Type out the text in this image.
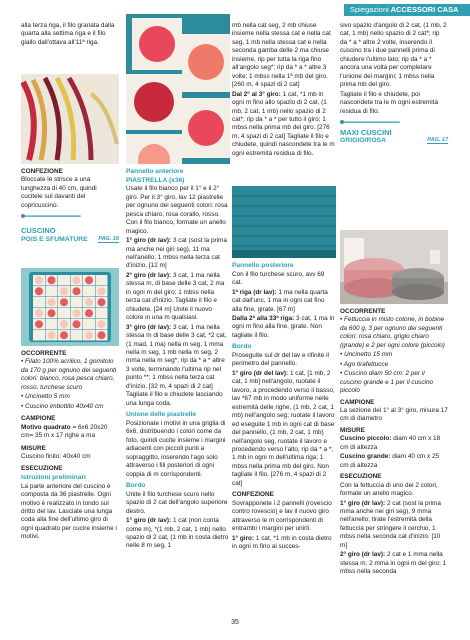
Spiegazioni ACCESSORI CASA

alla terza riga, il filo granata dalla quarta alla settima riga e il filo giallo dall'ottava all'11ª riga.

CONFEZIONE

Bloccate le strisce a una lunghezza di 40 cm, quindi cucitele sul davanti del copricuscino.

CUSCINO
POIS E SFUMATURE PAG. 16
OCCORRENTE

• Filato 100% acrilico, 1 gomitolo da 170 g per ognuno dei seguenti colori: bianco, rosa pesca chiaro, rosso, turchese scuro

• Uncinetto 5 mm

• Cuscino imbottito 40x40 cm

CAMPIONE

Motivo quadrato = 6x6 20x20 cm= 35 m x 17 righe a ma

MISURE

Cuscino finito: 40x40 cm

ESECUZIONE
Istruzioni preliminari

La parte anteriore del cuscino è composta da 36 piastrelle. Ogni motivo è realizzato in tondo sul dritto del lav. Lasciate una lunga coda alla fine dell'ultimo giro di ogni quadrato per cucire insieme i motivi.

Pannello anteriore
PIASTRELLA (x36)

Usate il filo bianco per il 1° e il 2° giro. Per il 3° giro, lav 12 piastrelle per ognuno dei seguenti colori: rosa pesca chiaro, rosa corallo, rosso. Con il filo bianco, formate un anello magico.

1° giro (dr lav): 3 cat (sost la prima ma anche nei giri seg), 11 ma nell'anello; 1 mbss nella terza cat d'inizio. [12 m]

2° giro (dr lav): 3 cat, 1 ma nella stessa m, di base delle 3 cat, 2 ma in ogni m del giro; 1 mbss nella terza cat d'inizio. Tagliate il filo e chiudete. [24 m] Unite il nuovo colore in una m qualsiasi.

3° giro (dr lav): 3 cat, 1 ma nella stessa m di base delle 3 cat, *2 cat, (1 mad, 1 ma) nella m seg, 1 mma nella m seg, 1 mb nella m seg, 2 mma nella m seg*; rip da * a * altre 3 volte, terminando l'ultima rip nel punto **; 1 mbss nella terza cat d'inizio. [32 m, 4 spazi di 2 cat] Tagliate il filo e chiudete lasciando una lunga coda.

Unione delle piastrelle

Posizionate i motivi in una griglia di 6x6, distribuendo i colori come da foto, quindi cucite insieme i margini adiacenti con piccoli punti a sopraggitto, inserendo l'ago solo attraverso i fili posteriori di ogni coppia di m corrispondenti.

Bordo

Unite il filo turchese scuro nello spazio di 2 cat dell'angolo superiore destro.

1° giro (dr lav): 1 cat (non conta come m), *(1 mb, 2 cat, 1 mb) nello spazio di 2 cat, (1 mb in costa dietro nelle 8 m seg, 1

mb nella cat seg, 2 mb chiuse insieme nella stessa cat e nella cat seg, 1 mb nella stessa cat e nella seconda gamba delle 2 ma chiuse insieme, rip per tutta la riga fino all'angolo seg*; rip da * a * altre 3 volte; 1 mbss nella 1ª mb del giro. [260 m, 4 spazi di 2 cat]

Dal 2° al 3° giro: 1 cat, *1 mb in ogni m fino allo spazio di 2 cat, (1 mb, 2 cat, 1 mb) nello spazio di 2 cat*; rip da * a * per tutto il giro; 1 mbss nella prima mb del giro. [276 m, 4 spazi di 2 cat] Tagliate il filo e chiudete, quindi nascondete tra le m ogni estremità residua di filo.

Pannello posteriore

Con il filo turchese scuro, avv 69 cat.

1ª riga (dr lav): 1 ma nella quarta cat dall'unc, 1 ma in ogni cat fino alla fine, girate. [67 m]

Dalla 2ª alla 33ª riga: 3 cat, 1 ma in ogni m fino alla fine, girate. Non tagliate il filo.

Bordo

Proseguite sul dr del lav e rifinite il perimetro del pannello.

1° giro (dr del lav): 1 cat, [1 mb, 2 cat, 1 mb] nell'angolo, ruotate il lavoro, a procedendo verso il basso, lav *67 mb in modo uniforme nelle estremità delle righe, (1 mb, 2 cat, 1 mb) nell'angolo seg; ruotate il lavoro ed eseguite 1 mb in ogni cat di base del pannello, (1 mb, 2 cat, 1 mb) nell'angolo seg, ruotate il lavoro e procedendo verso l'alto, rip da * a *; 1 mb in ogni m dell'ultima riga; 1 mbss nella prima mb del giro. Non tagliate il filo. [276 m, 4 spazi di 2 cat]

CONFEZIONE

Sovrapponete i 2 pannelli (rovescio contro rovescio) e lav il nuovo giro attraverso le m corrispondenti di entrambi i margini per unirli.

1° giro: 1 cat, *1 mb in costa dietro in ogni m fino al succes-

sivo spazio d'angolo di 2 cat, (1 mb, 2 cat, 1 mb) nello spazio di 2 cat*; rip da * a * altre 2 volte, inserendo il cuscino tra i due pannelli prima di chiudere l'ultimo lato; rip da * a * ancora una volta per completare l'unione dei margini; 1 mbss nella prima mb del giro.

Tagliate il filo e chiudete, poi nascondete tra le m ogni estremità residua di filo.

MAXI CUSCINI
GRIGIO/ROSA	PAG. 17
OCCORRENTE

• Fettuccia in misto cotone, in bobine da 600 g, 3 per ognuno dei seguenti colori: rosa chiaro, grigio chiaro (grande) e 2 per ogni colore (piccolo)

• Uncinetto 15 mm

• Ago tirafettucce

• Cuscino diam 50 cm: 2 per il cuscino grande e 1 per il cuscino piccolo

CAMPIONE

La sezione del 1° al 3° giro, misura 17 cm di diametro

MISURE

Cuscino piccolo: diam 40 cm x 18 cm di altezza

Cuscino grande: diam 40 cm x 25 cm di altezza

ESECUZIONE

Con la fettuccia di uno dei 2 colori, formate un anello magico.

1° giro (dr lav): 2 cat (sost la prima mma anche nei giri seg), 9 mma nell'anello; tirate l'estremità della fettuccia per stringere il cerchio, 1 mbss nella seconda cat d'inizio. [10 m]

2° giro (dr lav): 2 cat e 1 mma nella stessa m, 2 mma in ogni m del giro; 1 mbss nella seconda

35
